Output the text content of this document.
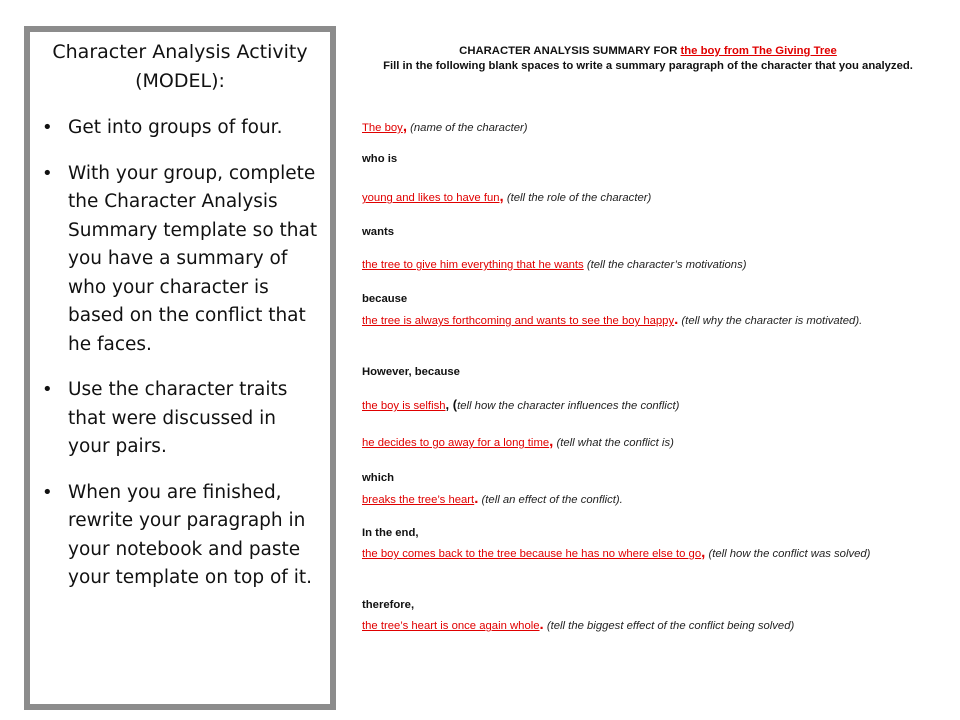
Character Analysis Activity (MODEL):
• Get into groups of four.
• With your group, complete the Character Analysis Summary template so that you have a summary of who your character is based on the conflict that he faces.
• Use the character traits that were discussed in your pairs.
• When you are finished, rewrite your paragraph in your notebook and paste your template on top of it.
CHARACTER ANALYSIS SUMMARY FOR the boy from The Giving Tree
Fill in the following blank spaces to write a summary paragraph of the character that you analyzed.
The boy, (name of the character)
who is
young and likes to have fun, (tell the role of the character)
wants
the tree to give him everything that he wants (tell the character’s motivations)
because
the tree is always forthcoming and wants to see the boy happy. (tell why the character is motivated).
However, because
the boy is selfish, (tell how the character influences the conflict)
he decides to go away for a long time, (tell what the conflict is)
which
breaks the tree’s heart. (tell an effect of the conflict).
In the end,
the boy comes back to the tree because he has no where else to go, (tell how the conflict was solved)
therefore,
the tree’s heart is once again whole. (tell the biggest effect of the conflict being solved)
